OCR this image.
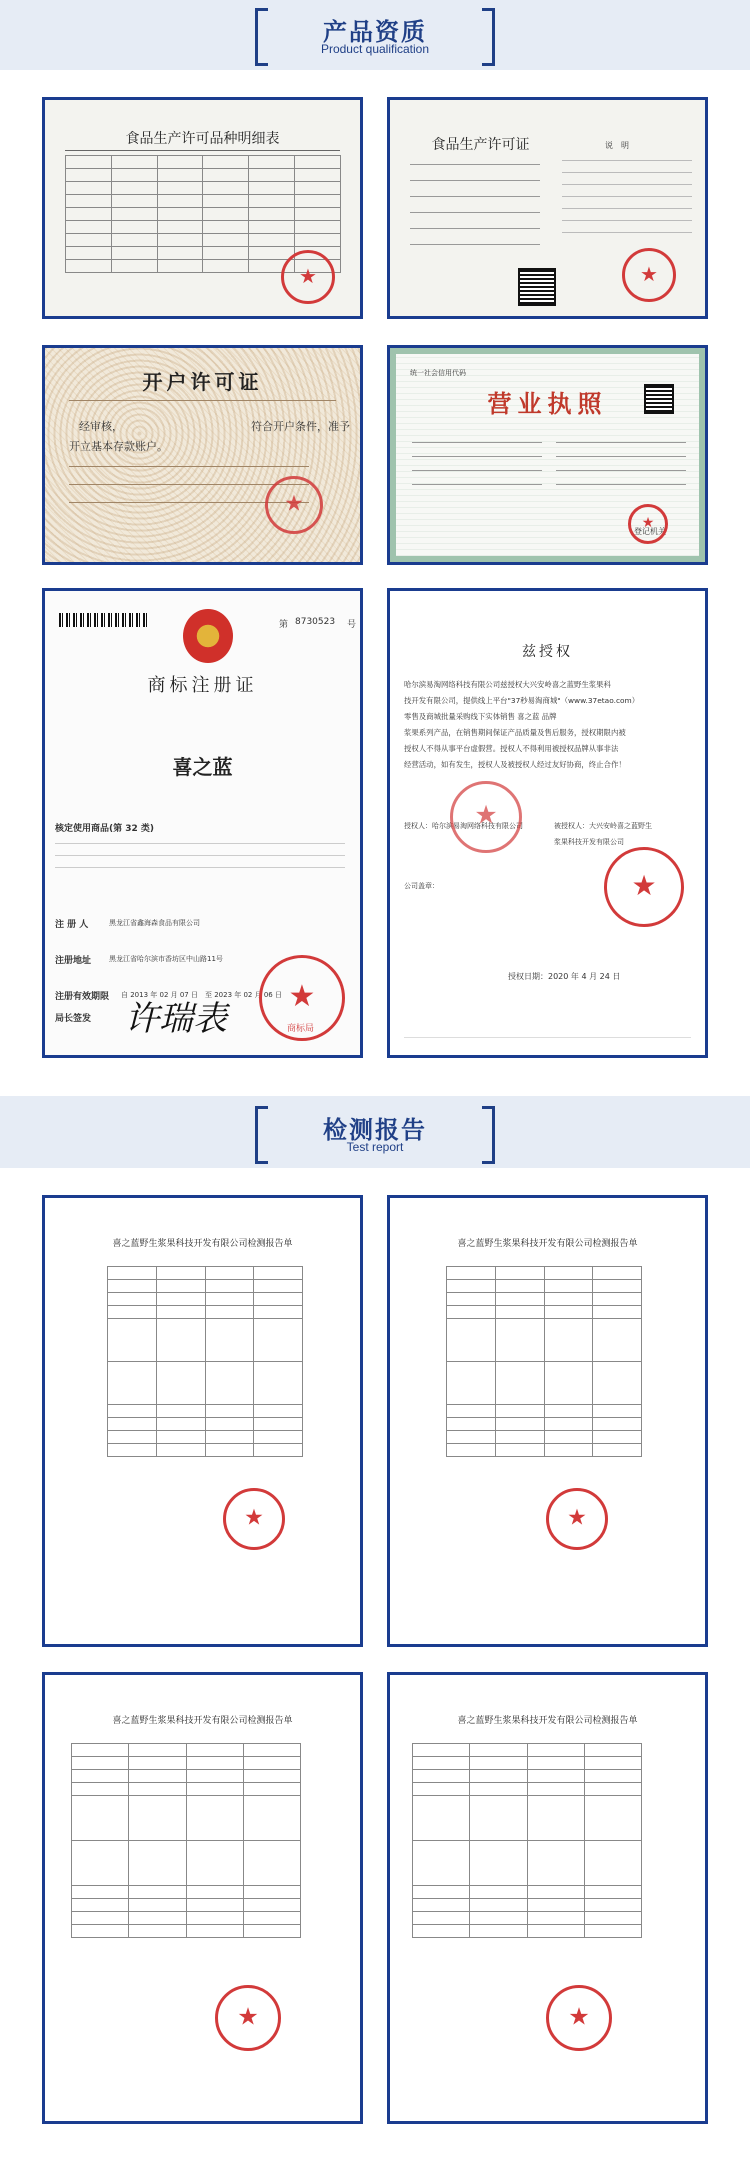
产品资质
Product qualification
食品生产许可品种明细表

★	食品生产许可证	说　明
★
开户许可证
经审核，	符合开户条件，准予
开立基本存款账户。
★
统一社会信用代码
营业执照
登记机关
★
第 8730523 号
商标注册证
喜之蓝
核定使用商品(第 32 类)
注 册 人	黑龙江省鑫海森食品有限公司
注册地址	黑龙江省哈尔滨市香坊区中山路11号
注册有效期限 自 2013 年 02 月 07 日　至 2023 年 02 月 06 日
局长签发 许瑞表
★	商标局
兹授权
哈尔滨易淘网络科技有限公司兹授权大兴安岭喜之蓝野生浆果科
技开发有限公司，提供线上平台"37秒易淘商城"（www.37etao.com）
零售及商城批量采购线下实体销售 喜之蓝 品牌
浆果系列产品，在销售期间保证产品质量及售后服务，授权期限内被
授权人不得从事平台虚假营。授权人不得利用被授权品牌从事非法
经营活动，如有发生，授权人及被授权人经过友好协商，终止合作！
授权人：哈尔滨易淘网络科技有限公司	被授权人：大兴安岭喜之蓝野生
浆果科技开发有限公司
公司盖章：
★
★
授权日期：2020 年 4 月 24 日
检测报告
Test report
喜之蓝野生浆果科技开发有限公司检测报告单

★	喜之蓝野生浆果科技开发有限公司检测报告单

★
喜之蓝野生浆果科技开发有限公司检测报告单

★	喜之蓝野生浆果科技开发有限公司检测报告单

★
